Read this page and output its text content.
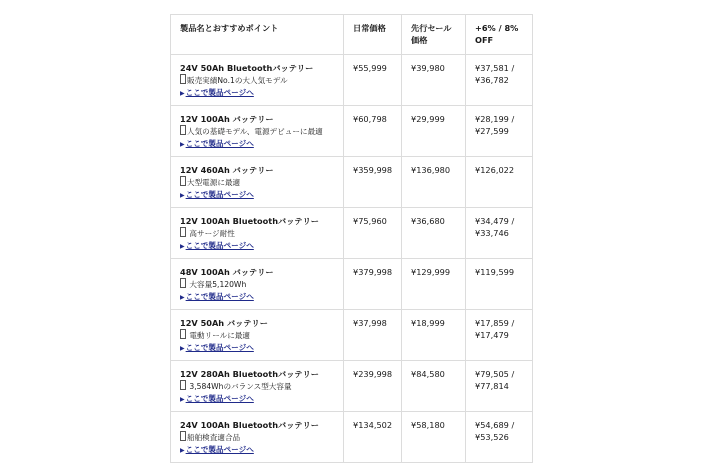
製品名とおすすめポイント	日常価格	先行セール価格	+6% / 8% OFF

24V 50Ah Bluetoothバッテリー
販売実績No.1の大人気モデル
▶ここで製品ページへ	¥55,999	¥39,980	¥37,581 / ¥36,782

12V 100Ah バッテリー
人気の基礎モデル、電源デビューに最適
▶ここで製品ページへ	¥60,798	¥29,999	¥28,199 / ¥27,599

12V 460Ah バッテリー
大型電源に最適
▶ここで製品ページへ	¥359,998	¥136,980	¥126,022

12V 100Ah Bluetoothバッテリー
高サージ耐性
▶ここで製品ページへ	¥75,960	¥36,680	¥34,479 / ¥33,746

48V 100Ah バッテリー
大容量5,120Wh
▶ここで製品ページへ	¥379,998	¥129,999	¥119,599

12V 50Ah バッテリー
電動リールに最適
▶ここで製品ページへ	¥37,998	¥18,999	¥17,859 / ¥17,479

12V 280Ah Bluetoothバッテリー
3,584Whのバランス型大容量
▶ここで製品ページへ	¥239,998	¥84,580	¥79,505 / ¥77,814

24V 100Ah Bluetoothバッテリー
船舶検査適合品
▶ここで製品ページへ	¥134,502	¥58,180	¥54,689 / ¥53,526
